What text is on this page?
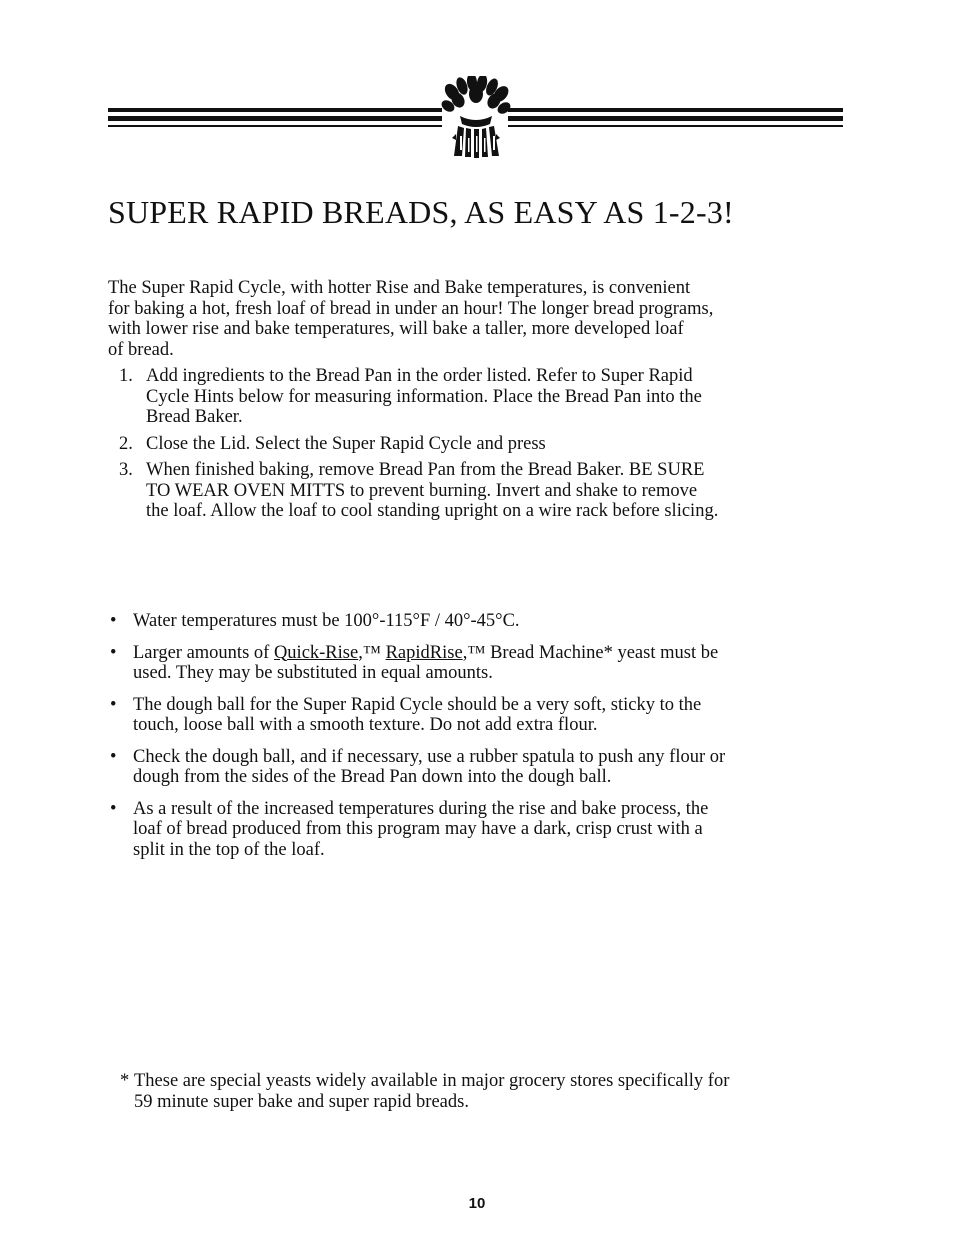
SUPER RAPID BREADS, AS EASY AS 1-2-3!

The Super Rapid Cycle, with hotter Rise and Bake temperatures, is convenient
for baking a hot, fresh loaf of bread in under an hour! The longer bread programs,
with lower rise and bake temperatures, will bake a taller, more developed loaf
of bread.

1. Add ingredients to the Bread Pan in the order listed. Refer to Super Rapid
Cycle Hints below for measuring information. Place the Bread Pan into the
Bread Baker.
2. Close the Lid. Select the Super Rapid Cycle and press
3. When finished baking, remove Bread Pan from the Bread Baker. BE SURE
TO WEAR OVEN MITTS to prevent burning. Invert and shake to remove
the loaf. Allow the loaf to cool standing upright on a wire rack before slicing.
• Water temperatures must be 100°-115°F / 40°-45°C.
• Larger amounts of Quick-Rise,™ RapidRise,™ Bread Machine* yeast must be
used. They may be substituted in equal amounts.
• The dough ball for the Super Rapid Cycle should be a very soft, sticky to the
touch, loose ball with a smooth texture. Do not add extra flour.
• Check the dough ball, and if necessary, use a rubber spatula to push any flour or
dough from the sides of the Bread Pan down into the dough ball.
• As a result of the increased temperatures during the rise and bake process, the
loaf of bread produced from this program may have a dark, crisp crust with a
split in the top of the loaf.

* These are special yeasts widely available in major grocery stores specifically for
59 minute super bake and super rapid breads.

10
